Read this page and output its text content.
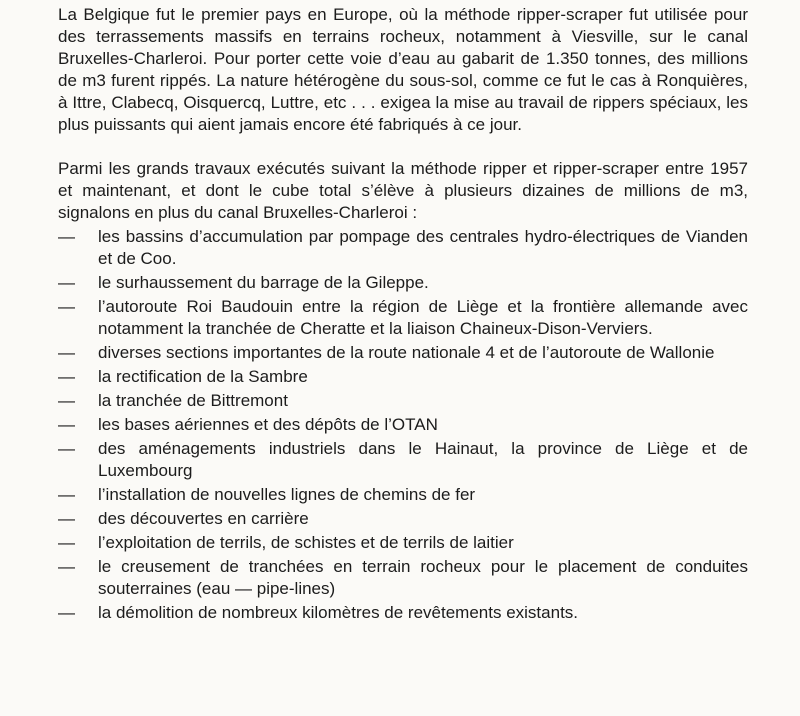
La Belgique fut le premier pays en Europe, où la méthode ripper-scraper fut utilisée pour des terrassements massifs en terrains rocheux, notamment à Viesville, sur le canal Bruxelles-Charleroi. Pour porter cette voie d’eau au gabarit de 1.350 tonnes, des millions de m3 furent rippés. La nature hétérogène du sous-sol, comme ce fut le cas à Ronquières, à Ittre, Clabecq, Oisquercq, Luttre, etc . . . exigea la mise au travail de rippers spéciaux, les plus puissants qui aient jamais encore été fabriqués à ce jour.

Parmi les grands travaux exécutés suivant la méthode ripper et ripper-scraper entre 1957 et maintenant, et dont le cube total s’élève à plusieurs dizaines de millions de m3, signalons en plus du canal Bruxelles-Charleroi :

—	les bassins d’accumulation par pompage des centrales hydro-électriques de Vianden et de Coo.
—	le surhaussement du barrage de la Gileppe.
—	l’autoroute Roi Baudouin entre la région de Liège et la frontière allemande avec notamment la tranchée de Cheratte et la liaison Chaineux-Dison-Verviers.
—	diverses sections importantes de la route nationale 4 et de l’autoroute de Wallonie
—	la rectification de la Sambre
—	la tranchée de Bittremont
—	les bases aériennes et des dépôts de l’OTAN
—	des aménagements industriels dans le Hainaut, la province de Liège et de Luxembourg
—	l’installation de nouvelles lignes de chemins de fer
—	des découvertes en carrière
—	l’exploitation de terrils, de schistes et de terrils de laitier
—	le creusement de tranchées en terrain rocheux pour le placement de conduites souterraines (eau — pipe-lines)
—	la démolition de nombreux kilomètres de revêtements existants.
